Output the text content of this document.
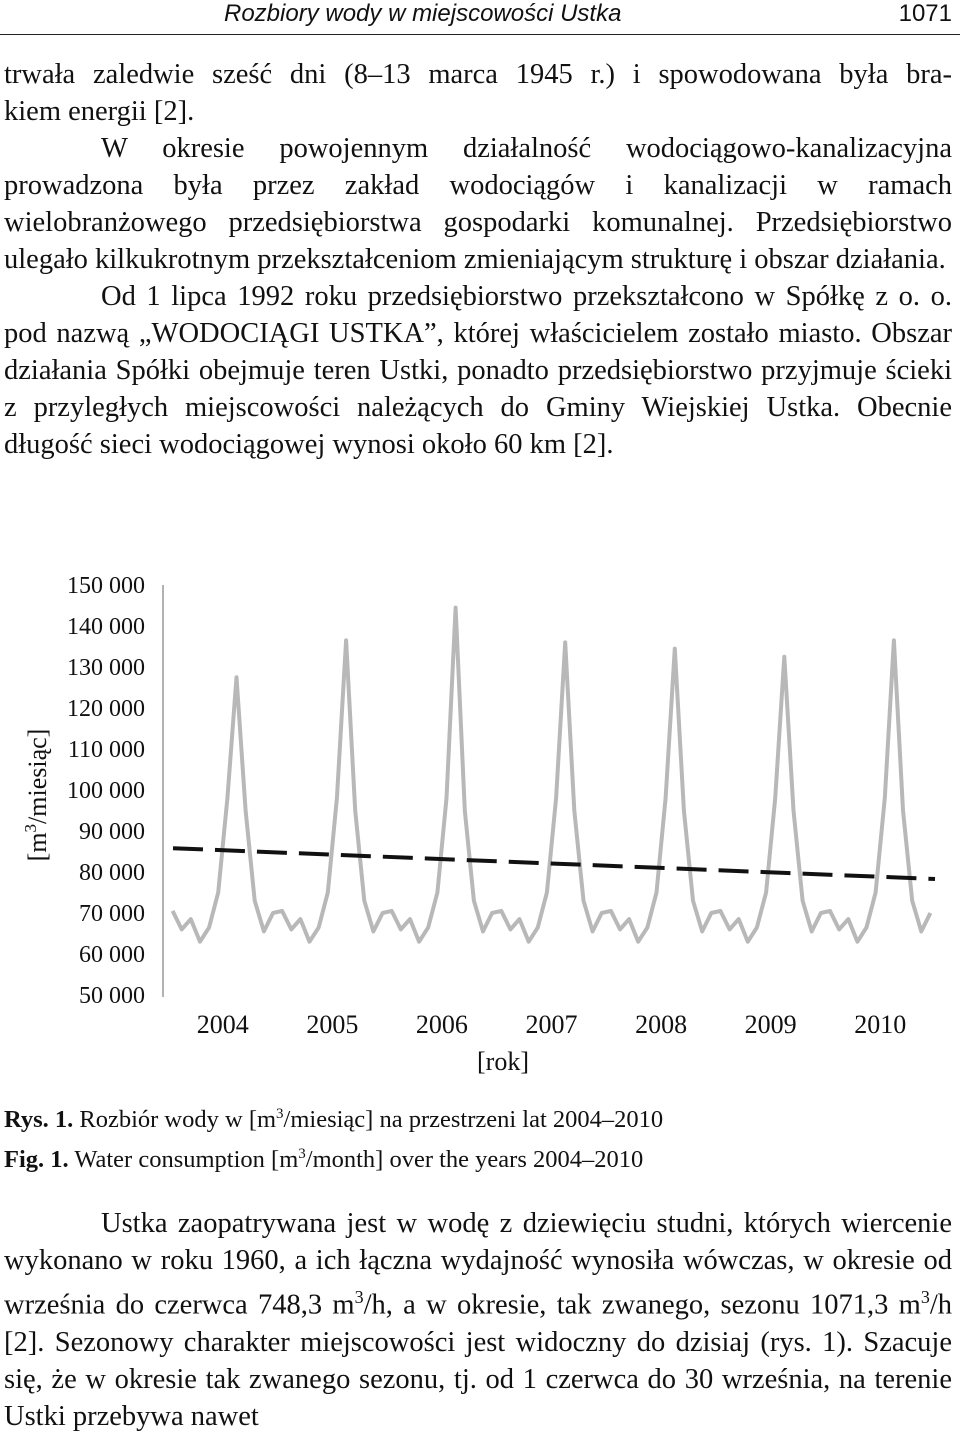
Rozbiory wody w miejscowości Ustka	1071

trwała zaledwie sześć dni (8–13 marca 1945 r.) i spowodowana była bra-

kiem energii [2].

W okresie powojennym działalność wodociągowo-kanalizacyjna prowadzona była przez zakład wodociągów i kanalizacji w ramach wielobranżowego przedsiębiorstwa gospodarki komunalnej. Przedsiębiorstwo ulegało kilkukrotnym przekształceniom zmieniającym strukturę i obszar działania.

Od 1 lipca 1992 roku przedsiębiorstwo przekształcono w Spółkę z o. o. pod nazwą „WODOCIĄGI USTKA”, której właścicielem zostało miasto. Obszar działania Spółki obejmuje teren Ustki, ponadto przedsiębiorstwo przyjmuje ścieki z przyległych miejscowości należących do Gminy Wiejskiej Ustka. Obecnie długość sieci wodociągowej wynosi około 60 km [2].

50 000
60 000
70 000
80 000
90 000
100 000
110 000
120 000
130 000
140 000
150 000
2004 2005 2006 2007 2008 2009 2010
$[m^3/miesiąc]$
[rok]
Rys. 1. Rozbiór wody w $[m^3/miesiąc]$ na przestrzeni lat 2004–2010
Fig. 1. Water consumption $[m^3/month]$ over the years 2004–2010

Ustka zaopatrywana jest w wodę z dziewięciu studni, których wiercenie wykonano w roku 1960, a ich łączna wydajność wynosiła wówczas, w okresie od września do czerwca 748,3 $m^3/h$, a w okresie, tak zwanego, sezonu 1071,3 $m^3/h$ [2]. Sezonowy charakter miejscowości jest widoczny do dzisiaj (rys. 1). Szacuje się, że w okresie tak zwanego sezonu, tj. od 1 czerwca do 30 września, na terenie Ustki przebywa nawet
